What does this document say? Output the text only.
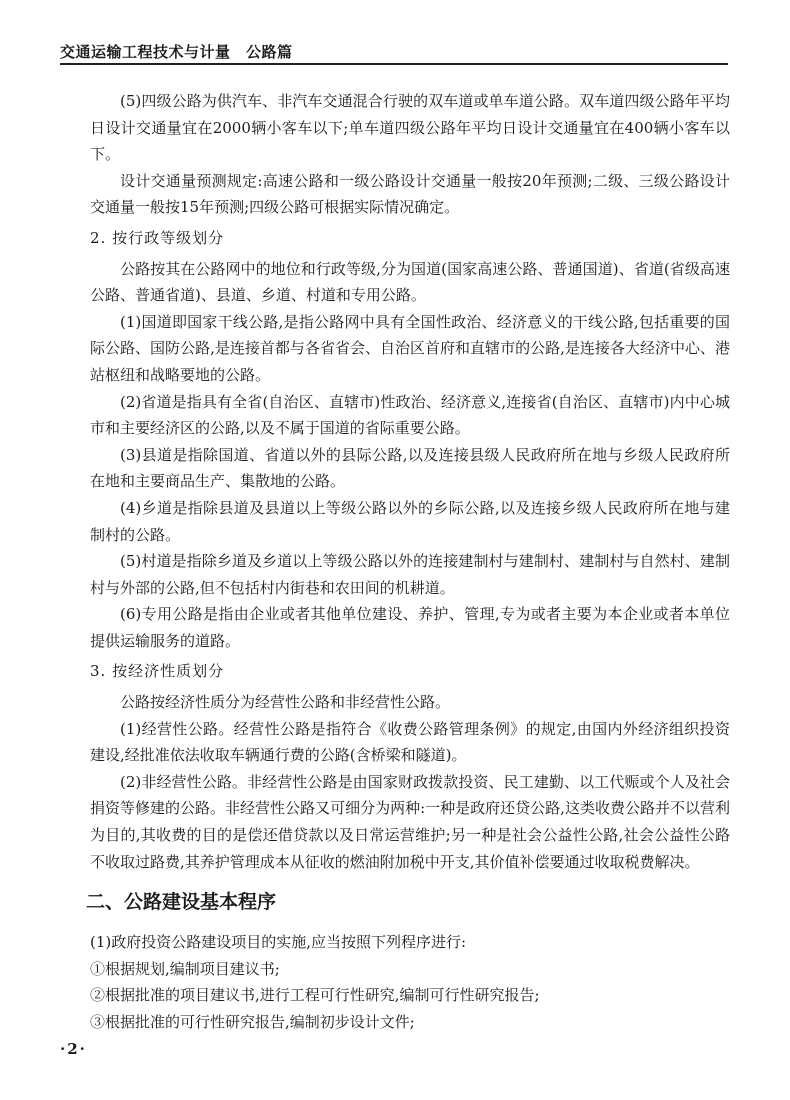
交通运输工程技术与计量　公路篇

(5)四级公路为供汽车、非汽车交通混合行驶的双车道或单车道公路。双车道四级公路年平均日设计交通量宜在2000辆小客车以下;单车道四级公路年平均日设计交通量宜在400辆小客车以下。

设计交通量预测规定:高速公路和一级公路设计交通量一般按20年预测;二级、三级公路设计交通量一般按15年预测;四级公路可根据实际情况确定。

2. 按行政等级划分

公路按其在公路网中的地位和行政等级,分为国道(国家高速公路、普通国道)、省道(省级高速公路、普通省道)、县道、乡道、村道和专用公路。

(1)国道即国家干线公路,是指公路网中具有全国性政治、经济意义的干线公路,包括重要的国际公路、国防公路,是连接首都与各省省会、自治区首府和直辖市的公路,是连接各大经济中心、港站枢纽和战略要地的公路。

(2)省道是指具有全省(自治区、直辖市)性政治、经济意义,连接省(自治区、直辖市)内中心城市和主要经济区的公路,以及不属于国道的省际重要公路。

(3)县道是指除国道、省道以外的县际公路,以及连接县级人民政府所在地与乡级人民政府所在地和主要商品生产、集散地的公路。

(4)乡道是指除县道及县道以上等级公路以外的乡际公路,以及连接乡级人民政府所在地与建制村的公路。

(5)村道是指除乡道及乡道以上等级公路以外的连接建制村与建制村、建制村与自然村、建制村与外部的公路,但不包括村内街巷和农田间的机耕道。

(6)专用公路是指由企业或者其他单位建设、养护、管理,专为或者主要为本企业或者本单位提供运输服务的道路。

3. 按经济性质划分

公路按经济性质分为经营性公路和非经营性公路。

(1)经营性公路。经营性公路是指符合《收费公路管理条例》的规定,由国内外经济组织投资建设,经批准依法收取车辆通行费的公路(含桥梁和隧道)。

(2)非经营性公路。非经营性公路是由国家财政拨款投资、民工建勤、以工代赈或个人及社会捐资等修建的公路。非经营性公路又可细分为两种:一种是政府还贷公路,这类收费公路并不以营利为目的,其收费的目的是偿还借贷款以及日常运营维护;另一种是社会公益性公路,社会公益性公路不收取过路费,其养护管理成本从征收的燃油附加税中开支,其价值补偿要通过收取税费解决。

二、公路建设基本程序

(1)政府投资公路建设项目的实施,应当按照下列程序进行:

①根据规划,编制项目建议书;

②根据批准的项目建议书,进行工程可行性研究,编制可行性研究报告;

③根据批准的可行性研究报告,编制初步设计文件;

·2·
